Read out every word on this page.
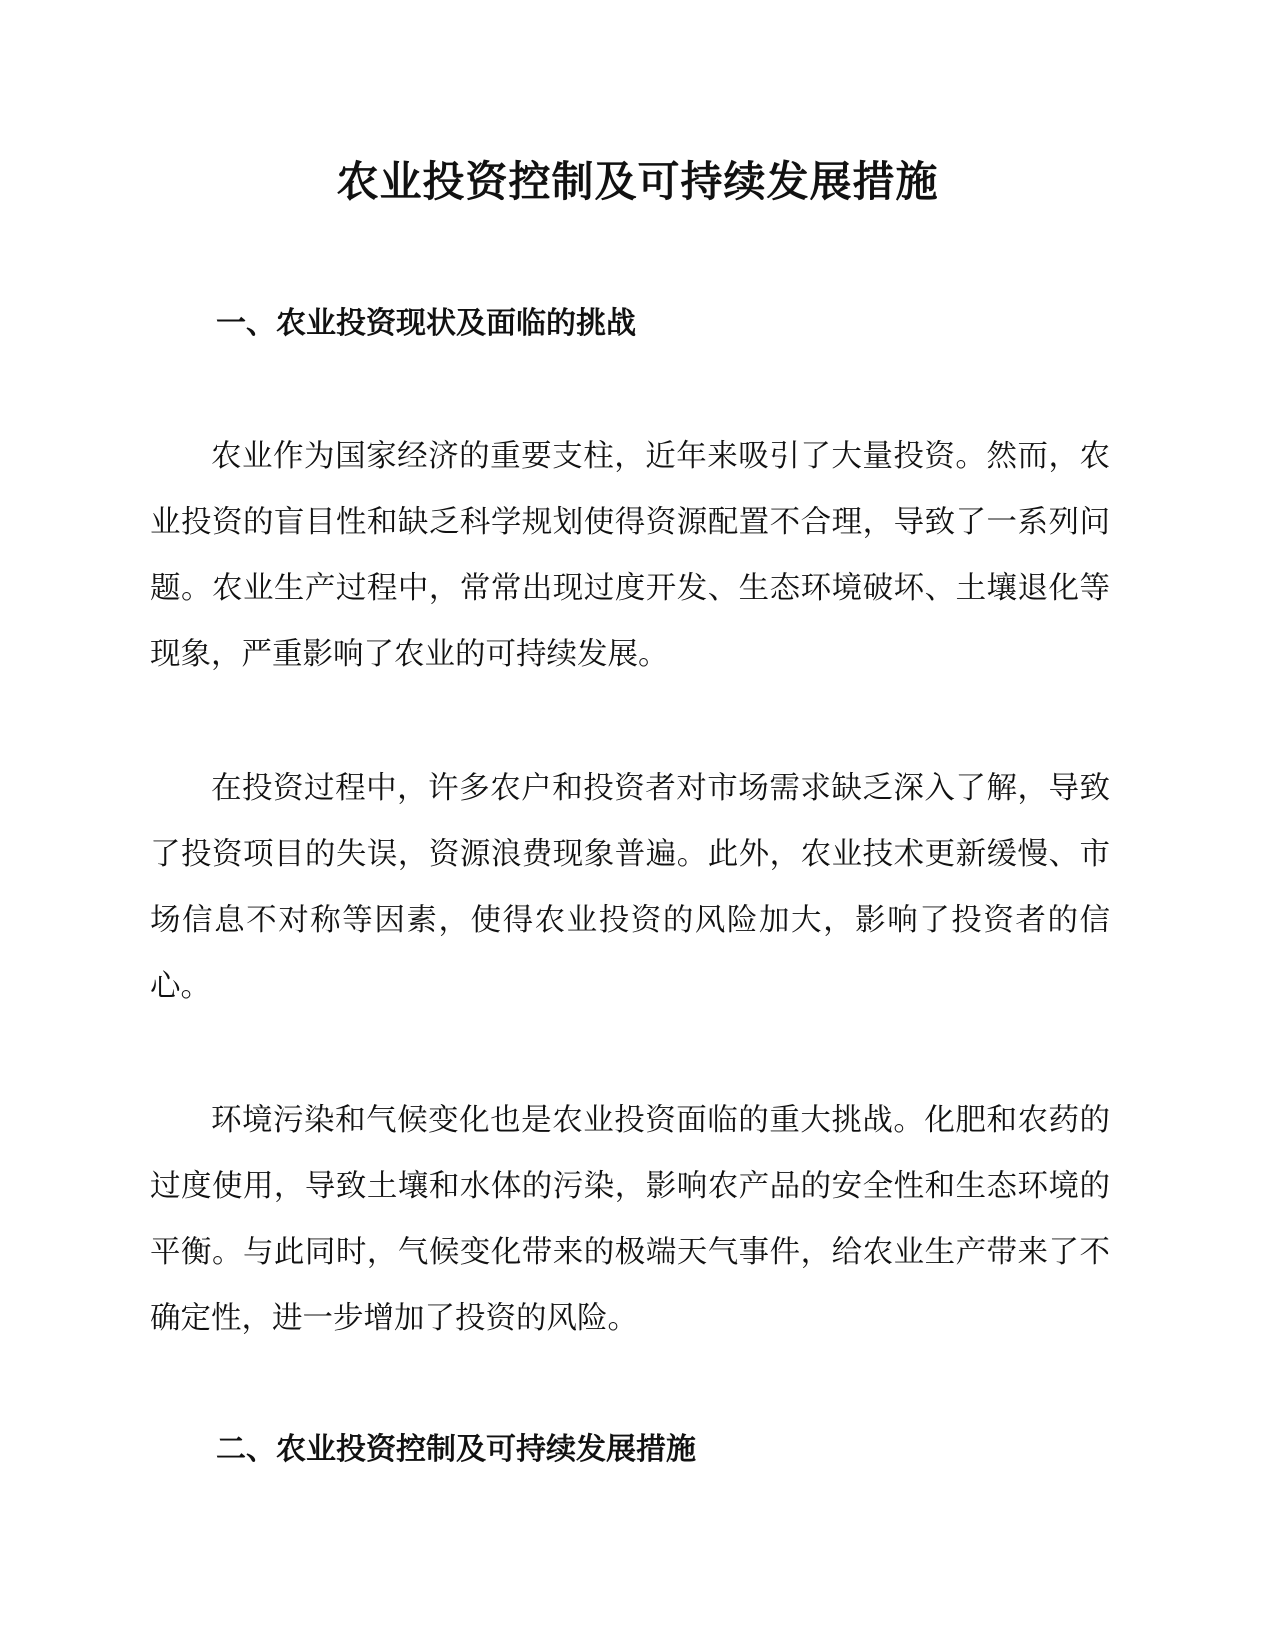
农业投资控制及可持续发展措施
一、农业投资现状及面临的挑战

农业作为国家经济的重要支柱，近年来吸引了大量投资。然而，农业投资的盲目性和缺乏科学规划使得资源配置不合理，导致了一系列问题。农业生产过程中，常常出现过度开发、生态环境破坏、土壤退化等现象，严重影响了农业的可持续发展。

在投资过程中，许多农户和投资者对市场需求缺乏深入了解，导致了投资项目的失误，资源浪费现象普遍。此外，农业技术更新缓慢、市场信息不对称等因素，使得农业投资的风险加大，影响了投资者的信心。

环境污染和气候变化也是农业投资面临的重大挑战。化肥和农药的过度使用，导致土壤和水体的污染，影响农产品的安全性和生态环境的平衡。与此同时，气候变化带来的极端天气事件，给农业生产带来了不确定性，进一步增加了投资的风险。

二、农业投资控制及可持续发展措施
